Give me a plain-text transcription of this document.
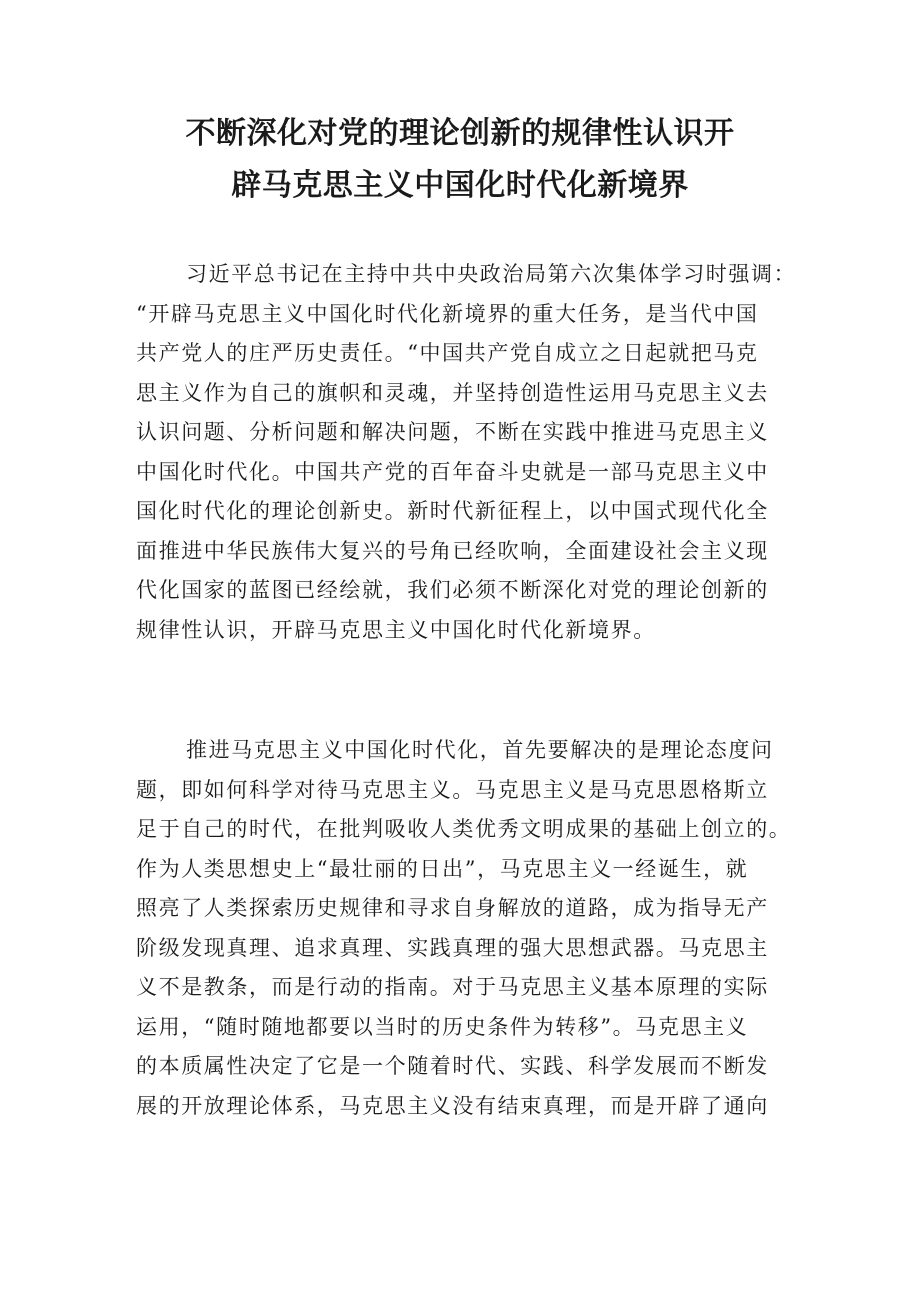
不断深化对党的理论创新的规律性认识开
辟马克思主义中国化时代化新境界
习近平总书记在主持中共中央政治局第六次集体学习时强调：
“开辟马克思主义中国化时代化新境界的重大任务，是当代中国
共产党人的庄严历史责任。“中国共产党自成立之日起就把马克
思主义作为自己的旗帜和灵魂，并坚持创造性运用马克思主义去
认识问题、分析问题和解决问题，不断在实践中推进马克思主义
中国化时代化。中国共产党的百年奋斗史就是一部马克思主义中
国化时代化的理论创新史。新时代新征程上，以中国式现代化全
面推进中华民族伟大复兴的号角已经吹响，全面建设社会主义现
代化国家的蓝图已经绘就，我们必须不断深化对党的理论创新的
规律性认识，开辟马克思主义中国化时代化新境界。
推进马克思主义中国化时代化，首先要解决的是理论态度问
题，即如何科学对待马克思主义。马克思主义是马克思恩格斯立
足于自己的时代，在批判吸收人类优秀文明成果的基础上创立的。
作为人类思想史上“最壮丽的日出”，马克思主义一经诞生，就
照亮了人类探索历史规律和寻求自身解放的道路，成为指导无产
阶级发现真理、追求真理、实践真理的强大思想武器。马克思主
义不是教条，而是行动的指南。对于马克思主义基本原理的实际
运用，“随时随地都要以当时的历史条件为转移”。马克思主义
的本质属性决定了它是一个随着时代、实践、科学发展而不断发
展的开放理论体系，马克思主义没有结束真理，而是开辟了通向
